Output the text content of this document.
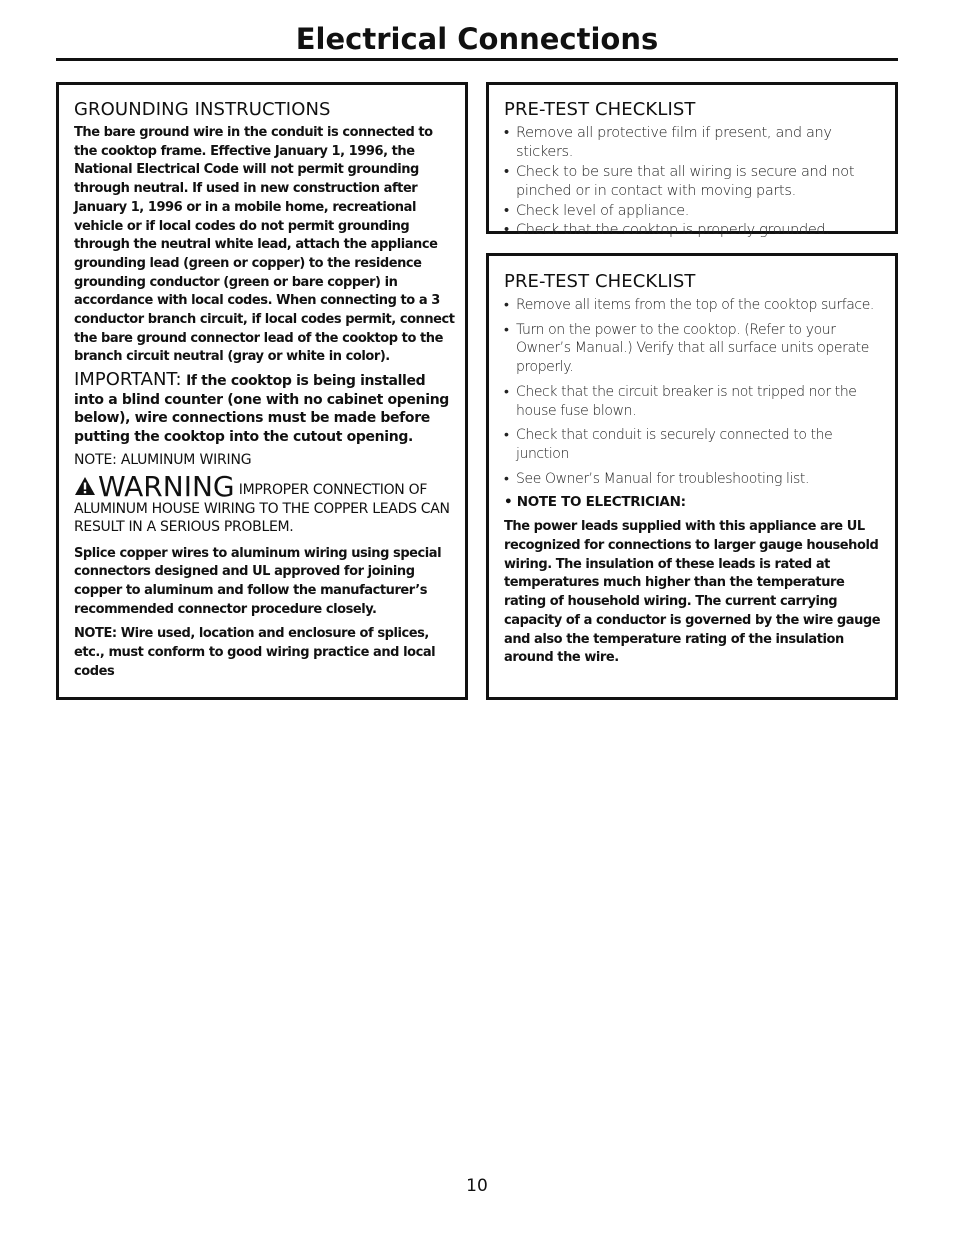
Electrical Connections
GROUNDING INSTRUCTIONS

The bare ground wire in the conduit is connected to the cooktop frame. Effective January 1, 1996, the National Electrical Code will not permit grounding through neutral. If used in new construction after January 1, 1996 or in a mobile home, recreational vehicle or if local codes do not permit grounding through the neutral white lead, attach the appliance grounding lead (green or copper) to the residence grounding conductor (green or bare copper) in accordance with local codes. When connecting to a 3 conductor branch circuit, if local codes permit, connect the bare ground connector lead of the cooktop to the branch circuit neutral (gray or white in color).

IMPORTANT: If the cooktop is being installed into a blind counter (one with no cabinet opening below), wire connections must be made before putting the cooktop into the cutout opening.

NOTE: ALUMINUM WIRING

WARNING IMPROPER CONNECTION OF ALUMINUM HOUSE WIRING TO THE COPPER LEADS CAN RESULT IN A SERIOUS PROBLEM.

Splice copper wires to aluminum wiring using special connectors designed and UL approved for joining copper to aluminum and follow the manufacturer’s recommended connector procedure closely.

NOTE: Wire used, location and enclosure of splices, etc., must conform to good wiring practice and local codes

PRE-TEST CHECKLIST
• Remove all protective film if present, and any stickers.
• Check to be sure that all wiring is secure and not pinched or in contact with moving parts.
• Check level of appliance.
• Check that the cooktop is properly grounded.
PRE-TEST CHECKLIST
• Remove all items from the top of the cooktop surface.
• Turn on the power to the cooktop. (Refer to your Owner’s Manual.) Verify that all surface units operate properly.
• Check that the circuit breaker is not tripped nor the house fuse blown.
• Check that conduit is securely connected to the junction
• See Owner’s Manual for troubleshooting list.

• NOTE TO ELECTRICIAN:

The power leads supplied with this appliance are UL recognized for connections to larger gauge household wiring. The insulation of these leads is rated at temperatures much higher than the temperature rating of household wiring. The current carrying capacity of a conductor is governed by the wire gauge and also the temperature rating of the insulation around the wire.

10
